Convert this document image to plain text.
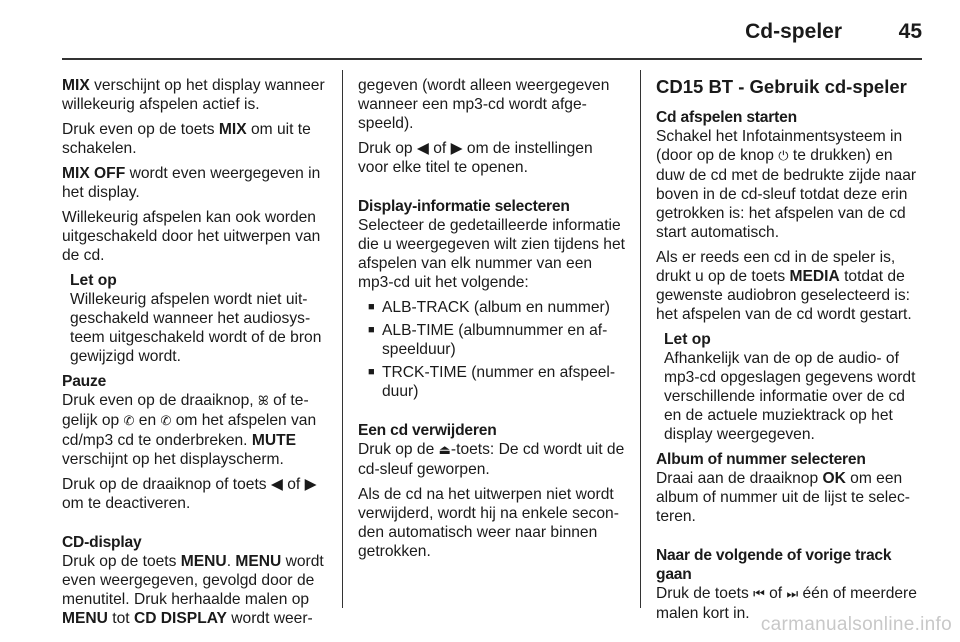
Cd-speler	45

MIX verschijnt op het display wanneer willekeurig afspelen actief is.

Druk even op de toets MIX om uit te schakelen.

MIX OFF wordt even weergegeven in het display.

Willekeurig afspelen kan ook worden uitgeschakeld door het uitwerpen van de cd.

Let op
Willekeurig afspelen wordt niet uitgeschakeld wanneer het audiosysteem uitgeschakeld wordt of de bron gewijzigd wordt.
Pauze

Druk even op de draaiknop, ꕤ of tegelijk op ✆ en ✆ om het afspelen van cd/mp3 cd te onderbreken. MUTE verschijnt op het displayscherm.

Druk op de draaiknop of toets ◀ of ▶ om te deactiveren.

CD-display

Druk op de toets MENU. MENU wordt even weergegeven, gevolgd door de menutitel. Druk herhaalde malen op MENU tot CD DISPLAY wordt weer-

gegeven (wordt alleen weergegeven wanneer een mp3-cd wordt afgespeeld).

Druk op ◀ of ▶ om de instellingen voor elke titel te openen.

Display-informatie selecteren

Selecteer de gedetailleerde informatie die u weergegeven wilt zien tijdens het afspelen van elk nummer van een mp3-cd uit het volgende:

■ ALB-TRACK (album en nummer)
■ ALB-TIME (albumnummer en afspeelduur)
■ TRCK-TIME (nummer en afspeelduur)
Een cd verwijderen

Druk op de ⏏-toets: De cd wordt uit de cd-sleuf geworpen.

Als de cd na het uitwerpen niet wordt verwijderd, wordt hij na enkele seconden automatisch weer naar binnen getrokken.

CD15 BT - Gebruik cd-speler
Cd afspelen starten

Schakel het Infotainmentsysteem in (door op de knop ⏻ te drukken) en duw de cd met de bedrukte zijde naar boven in de cd-sleuf totdat deze erin getrokken is: het afspelen van de cd start automatisch.

Als er reeds een cd in de speler is, drukt u op de toets MEDIA totdat de gewenste audiobron geselecteerd is: het afspelen van de cd wordt gestart.

Let op
Afhankelijk van de op de audio- of mp3-cd opgeslagen gegevens wordt verschillende informatie over de cd en de actuele muziektrack op het display weergegeven.
Album of nummer selecteren

Draai aan de draaiknop OK om een album of nummer uit de lijst te selecteren.

Naar de volgende of vorige track gaan

Druk de toets ⏮ of ⏭ één of meerdere malen kort in.

carmanualsonline.info
